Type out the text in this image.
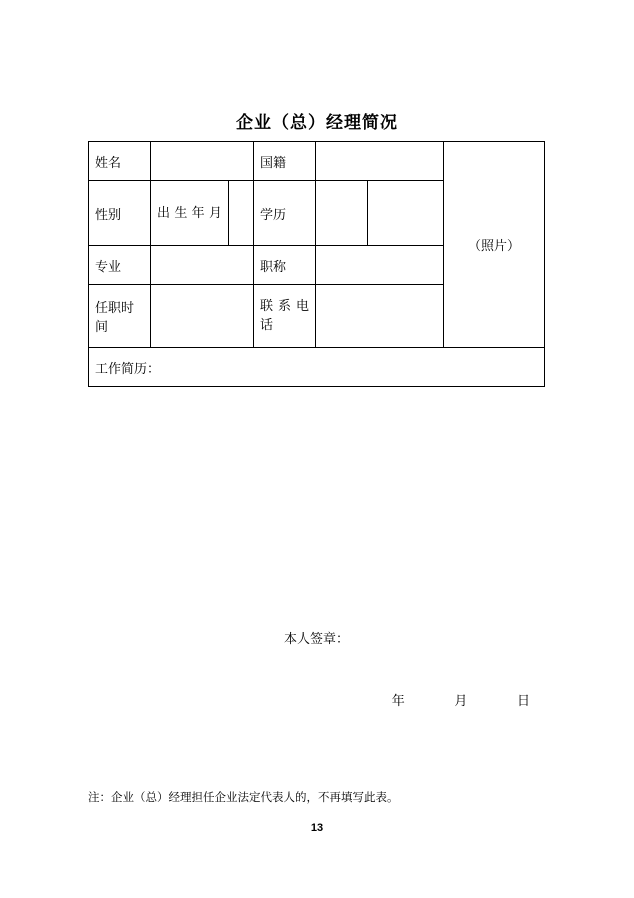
企业（总）经理简况
姓名			国籍			（照片）
性别	出 生 年 月		学历			
专业			职称			
任职时间			联 系 电 话			

工作简历：
本人签章：
年 月 日						
注：企业（总）经理担任企业法定代表人的，不再填写此表。
13
